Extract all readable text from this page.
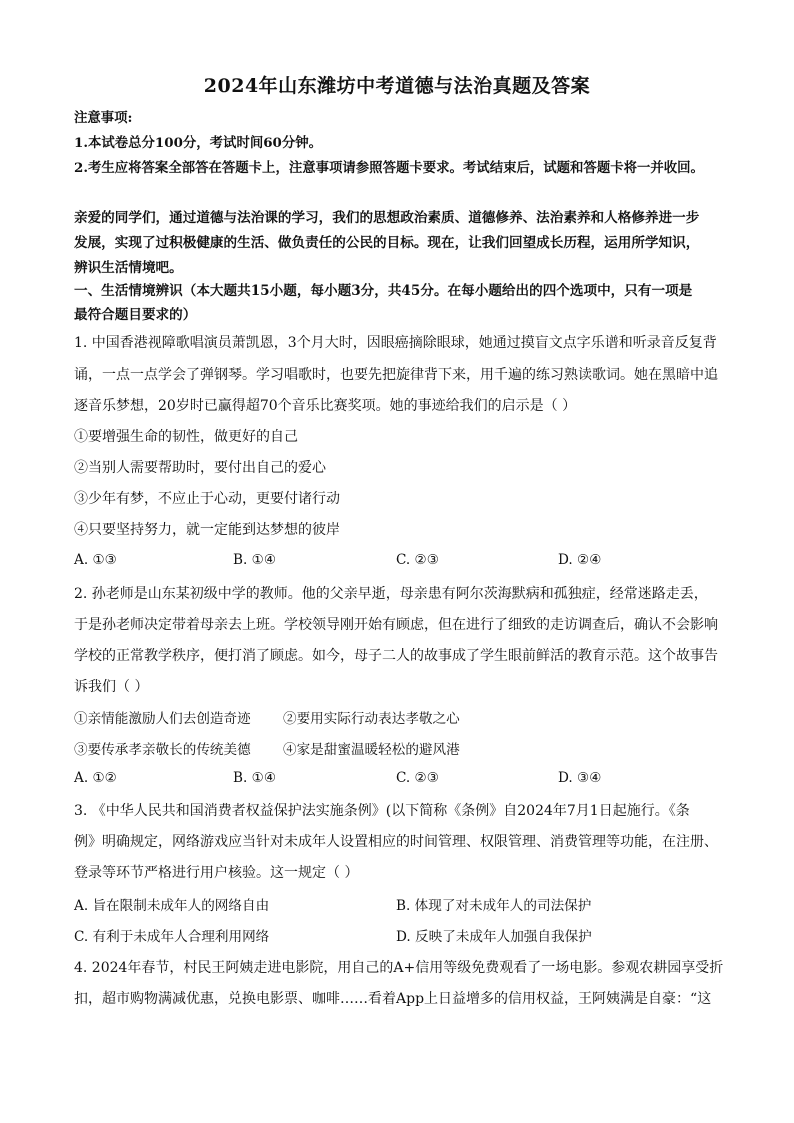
2024年山东潍坊中考道德与法治真题及答案
注意事项:
1.本试卷总分100分，考试时间60分钟。
2.考生应将答案全部答在答题卡上，注意事项请参照答题卡要求。考试结束后，试题和答题卡将一并收回。
亲爱的同学们，通过道德与法治课的学习，我们的思想政治素质、道德修养、法治素养和人格修养进一步
发展，实现了过积极健康的生活、做负责任的公民的目标。现在，让我们回望成长历程，运用所学知识，
辨识生活情境吧。
一、生活情境辨识（本大题共15小题，每小题3分，共45分。在每小题给出的四个选项中，只有一项是
最符合题目要求的）
1. 中国香港视障歌唱演员萧凯恩，3个月大时，因眼癌摘除眼球，她通过摸盲文点字乐谱和听录音反复背
诵，一点一点学会了弹钢琴。学习唱歌时，也要先把旋律背下来，用千遍的练习熟读歌词。她在黑暗中追
逐音乐梦想，20岁时已赢得超70个音乐比赛奖项。她的事迹给我们的启示是（ ）
①要增强生命的韧性，做更好的自己
②当别人需要帮助时，要付出自己的爱心
③少年有梦，不应止于心动，更要付诸行动
④只要坚持努力，就一定能到达梦想的彼岸
A. ①③	B. ①④	C. ②③	D. ②④
2. 孙老师是山东某初级中学的教师。他的父亲早逝，母亲患有阿尔茨海默病和孤独症，经常迷路走丢，
于是孙老师决定带着母亲去上班。学校领导刚开始有顾虑，但在进行了细致的走访调查后，确认不会影响
学校的正常教学秩序，便打消了顾虑。如今，母子二人的故事成了学生眼前鲜活的教育示范。这个故事告
诉我们（ ）
①亲情能激励人们去创造奇迹 ②要用实际行动表达孝敬之心
③要传承孝亲敬长的传统美德 ④家是甜蜜温暖轻松的避风港
A. ①②	B. ①④	C. ②③	D. ③④
3. 《中华人民共和国消费者权益保护法实施条例》(以下简称《条例》自2024年7月1日起施行。《条
例》明确规定，网络游戏应当针对未成年人设置相应的时间管理、权限管理、消费管理等功能，在注册、
登录等环节严格进行用户核验。这一规定（ ）
A. 旨在限制未成年人的网络自由	B. 体现了对未成年人的司法保护
C. 有利于未成年人合理利用网络	D. 反映了未成年人加强自我保护
4. 2024年春节，村民王阿姨走进电影院，用自己的A+信用等级免费观看了一场电影。参观农耕园享受折
扣，超市购物满减优惠，兑换电影票、咖啡……看着App上日益增多的信用权益，王阿姨满是自豪：“这
